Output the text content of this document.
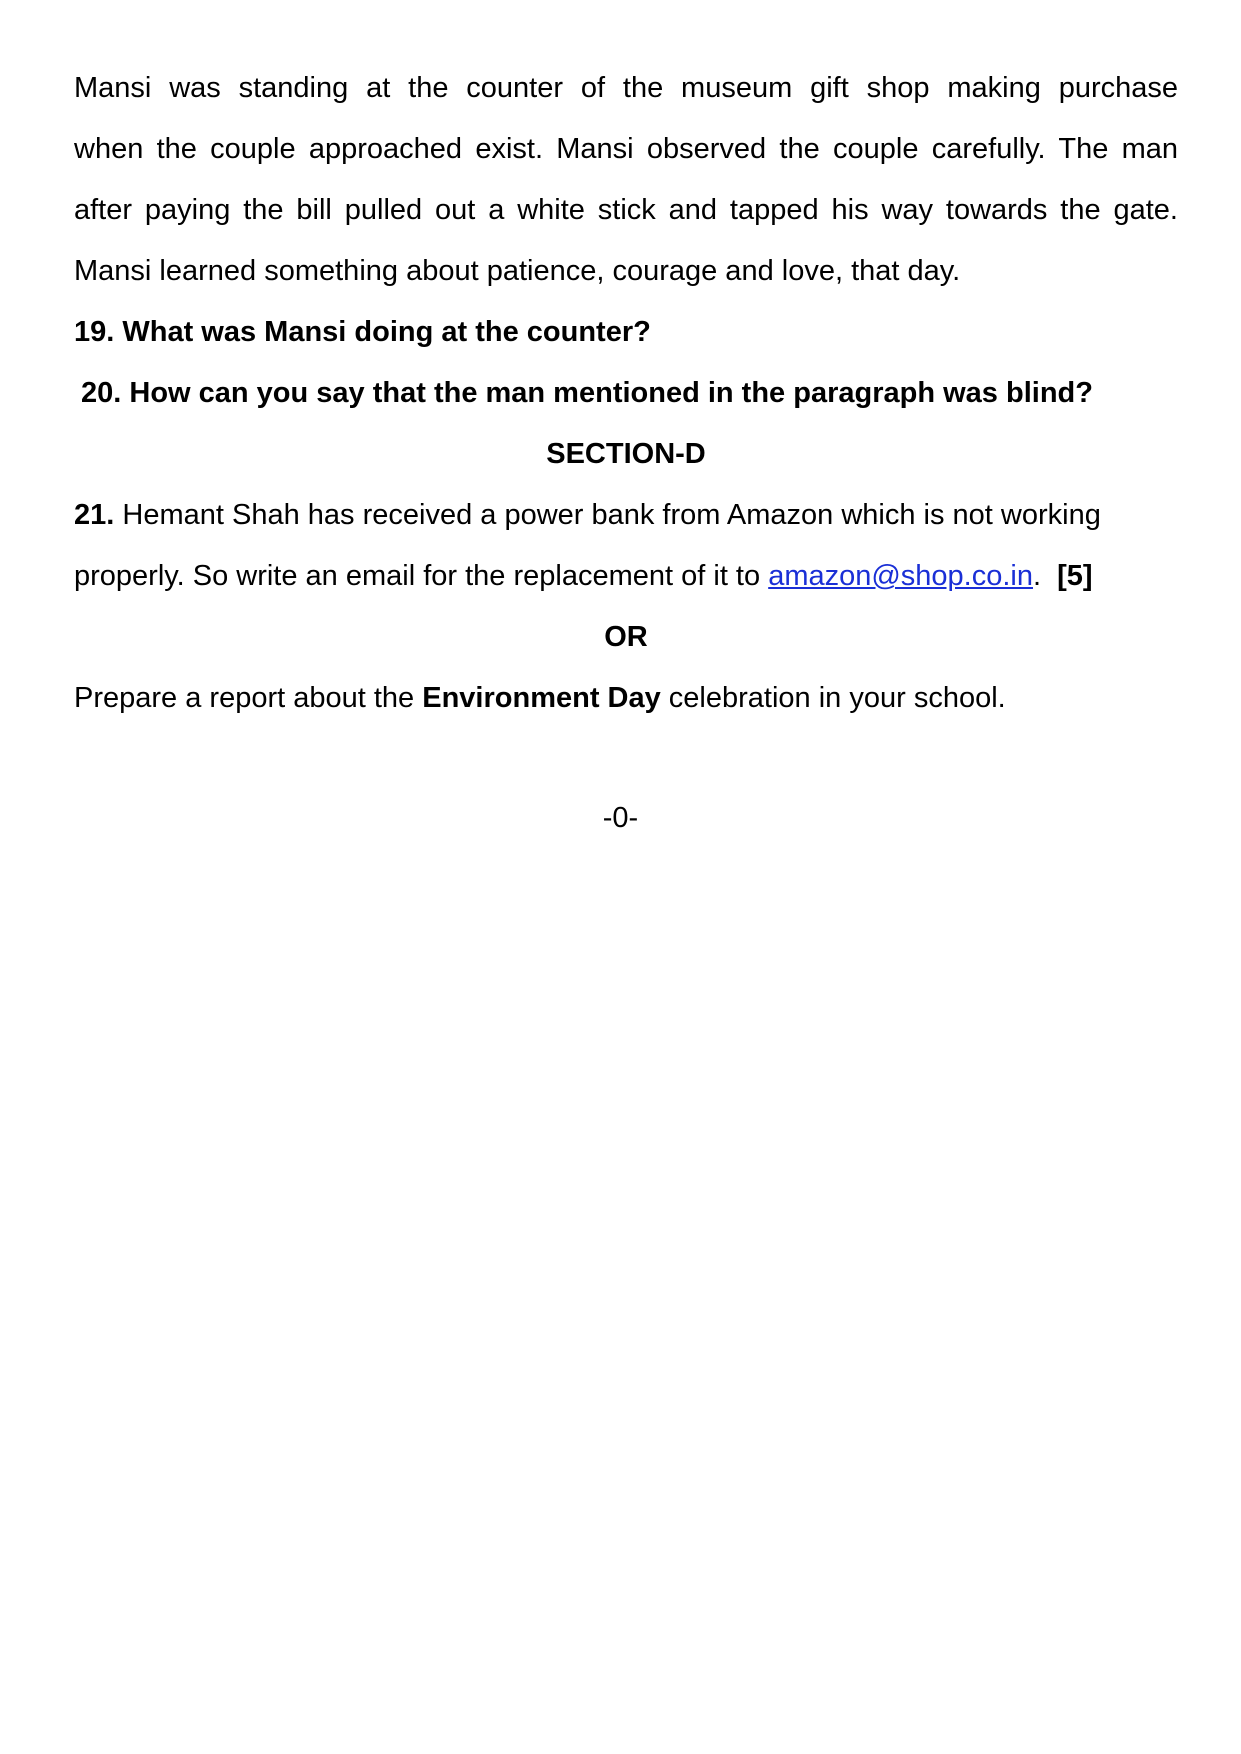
Mansi was standing at the counter of the museum gift shop making purchase
when the couple approached exist. Mansi observed the couple carefully. The man
after paying the bill pulled out a white stick and tapped his way towards the gate.
Mansi learned something about patience, courage and love, that day.
19. What was Mansi doing at the counter?
20. How can you say that the man mentioned in the paragraph was blind?
SECTION-D
21. Hemant Shah has received a power bank from Amazon which is not working
properly. So write an email for the replacement of it to amazon@shop.co.in. [5]
OR
Prepare a report about the Environment Day celebration in your school.
-0-
